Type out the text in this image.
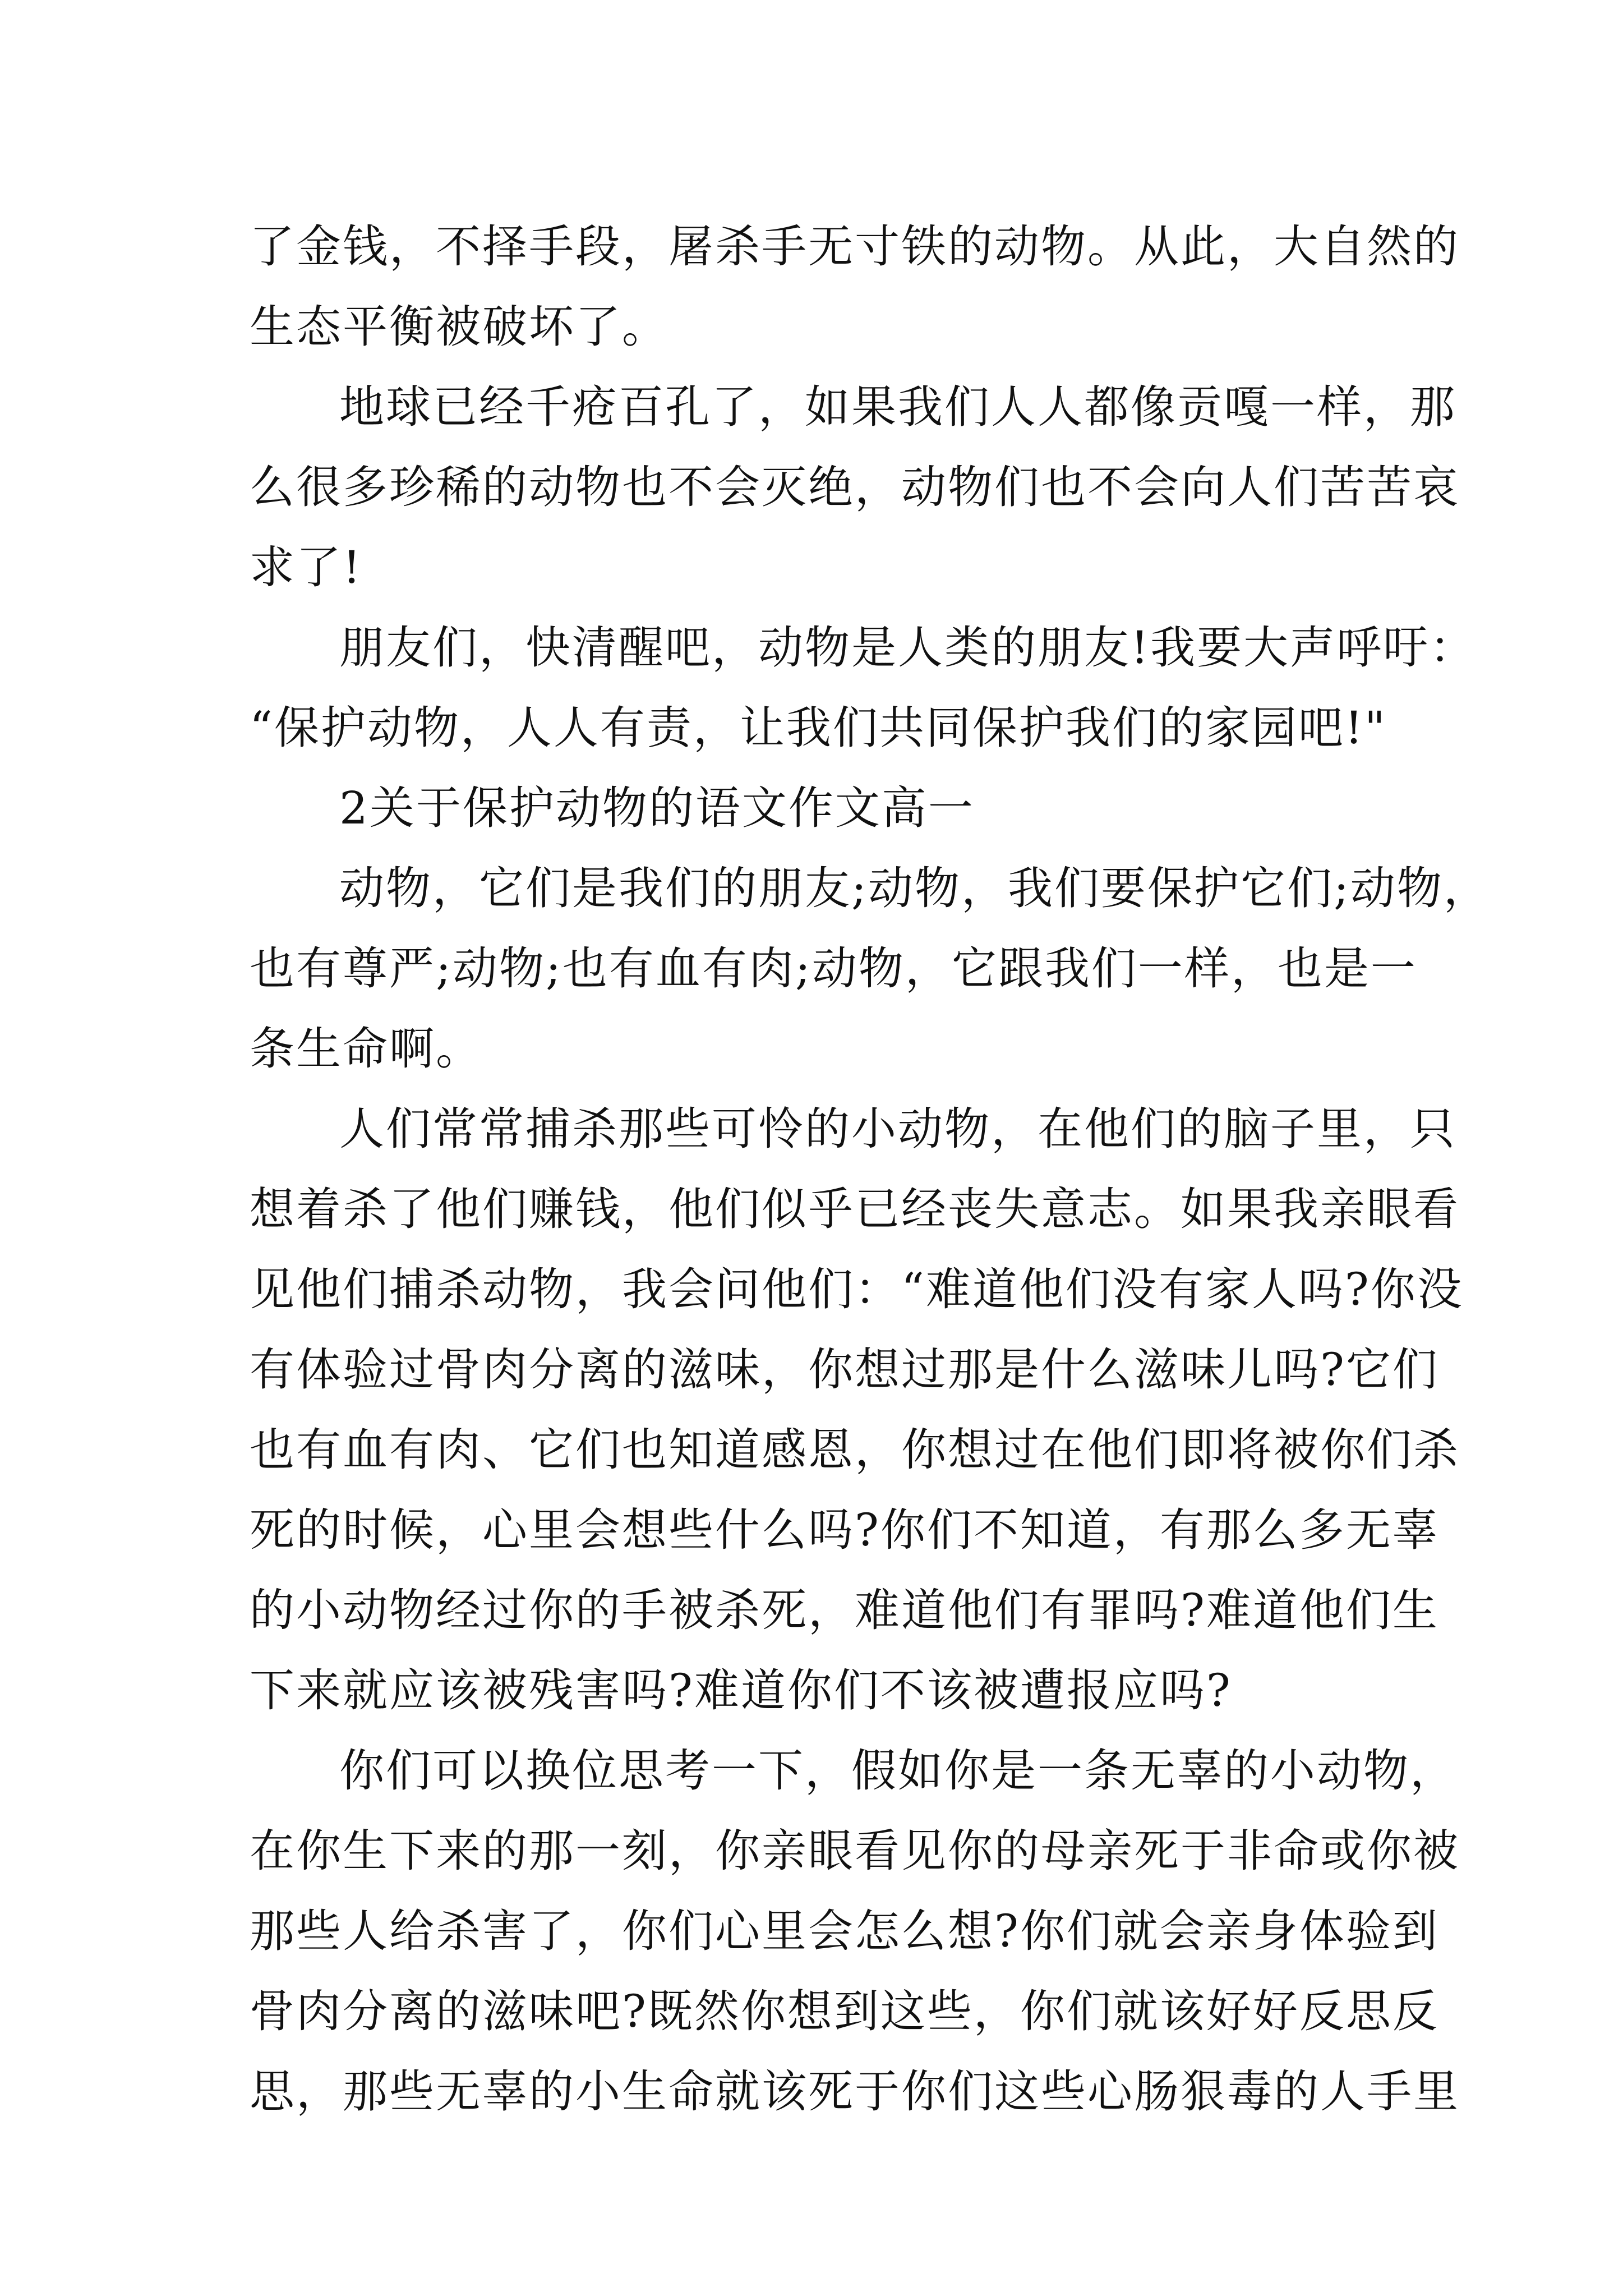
了金钱，不择手段，屠杀手无寸铁的动物。从此，大自然的
生态平衡被破坏了。

地球已经千疮百孔了，如果我们人人都像贡嘎一样，那
么很多珍稀的动物也不会灭绝，动物们也不会向人们苦苦哀
求了!

朋友们，快清醒吧，动物是人类的朋友!我要大声呼吁：
“保护动物，人人有责，让我们共同保护我们的家园吧!"

2关于保护动物的语文作文高一

动物，它们是我们的朋友;动物，我们要保护它们;动物，
也有尊严;动物;也有血有肉;动物，它跟我们一样，也是一
条生命啊。

人们常常捕杀那些可怜的小动物，在他们的脑子里，只
想着杀了他们赚钱，他们似乎已经丧失意志。如果我亲眼看
见他们捕杀动物，我会问他们：“难道他们没有家人吗?你没
有体验过骨肉分离的滋味，你想过那是什么滋味儿吗?它们
也有血有肉、它们也知道感恩，你想过在他们即将被你们杀
死的时候，心里会想些什么吗?你们不知道，有那么多无辜
的小动物经过你的手被杀死，难道他们有罪吗?难道他们生
下来就应该被残害吗?难道你们不该被遭报应吗?

你们可以换位思考一下，假如你是一条无辜的小动物，
在你生下来的那一刻，你亲眼看见你的母亲死于非命或你被
那些人给杀害了，你们心里会怎么想?你们就会亲身体验到
骨肉分离的滋味吧?既然你想到这些，你们就该好好反思反
思，那些无辜的小生命就该死于你们这些心肠狠毒的人手里
